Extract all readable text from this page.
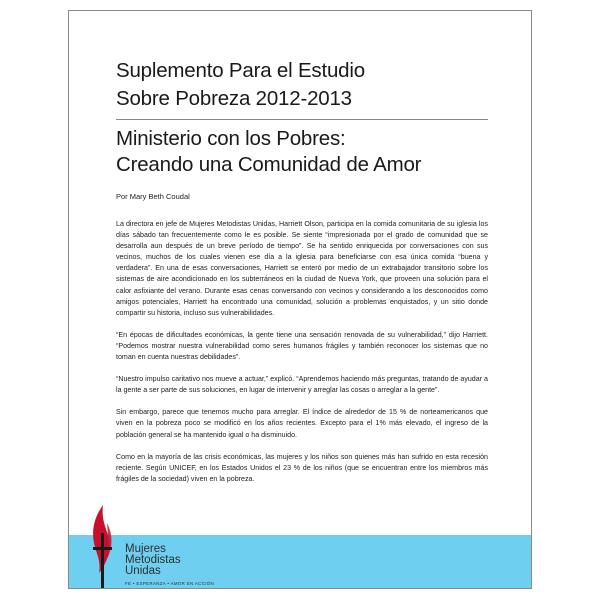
Suplemento Para el Estudio
Sobre Pobreza 2012-2013
Ministerio con los Pobres:
Creando una Comunidad de Amor
Por Mary Beth Coudal

La directora en jefe de Mujeres Metodistas Unidas, Harriett Olson, participa en la comida comunitaria de su iglesia los días sábado tan frecuentemente como le es posible. Se siente “impresionada por el grado de comunidad que se desarrolla aun después de un breve período de tiempo”. Se ha sentido enriquecida por conversaciones con sus vecinos, muchos de los cuales vienen ese día a la iglesia para beneficiarse con esa única comida “buena y verdadera”. En una de esas conversaciones, Harriett se enteró por medio de un extrabajador transitorio sobre los sistemas de aire acondicionado en los subterráneos en la ciudad de Nueva York, que proveen una solución para el calor asfixiante del verano. Durante esas cenas conversando con vecinos y considerando a los desconocidos como amigos potenciales, Harriett ha encontrado una comunidad, solución a problemas enquistados, y un sitio donde compartir su historia, incluso sus vulnerabilidades.

“En épocas de dificultades económicas, la gente tiene una sensación renovada de su vulnerabilidad,” dijo Harriett. “Podemos mostrar nuestra vulnerabilidad como seres humanos frágiles y también reconocer los sistemas que no toman en cuenta nuestras debilidades”.

“Nuestro impulso caritativo nos mueve a actuar,” explicó. “Aprendemos haciendo más preguntas, tratando de ayudar a la gente a ser parte de sus soluciones, en lugar de intervenir y arreglar las cosas o arreglar a la gente”.

Sin embargo, parece que tenemos mucho para arreglar. El índice de alrededor de 15 % de norteamericanos que viven en la pobreza poco se modificó en los años recientes. Excepto para el 1% más elevado, el ingreso de la población general se ha mantenido igual o ha disminuido.

Como en la mayoría de las crisis económicas, las mujeres y los niños son quienes más han sufrido en esta recesión reciente. Según UNICEF, en los Estados Unidos el 23 % de los niños (que se encuentran entre los miembros más frágiles de la sociedad) viven en la pobreza.

Mujeres
Metodistas
Unidas
FE • ESPERANZA • AMOR EN ACCIÓN
